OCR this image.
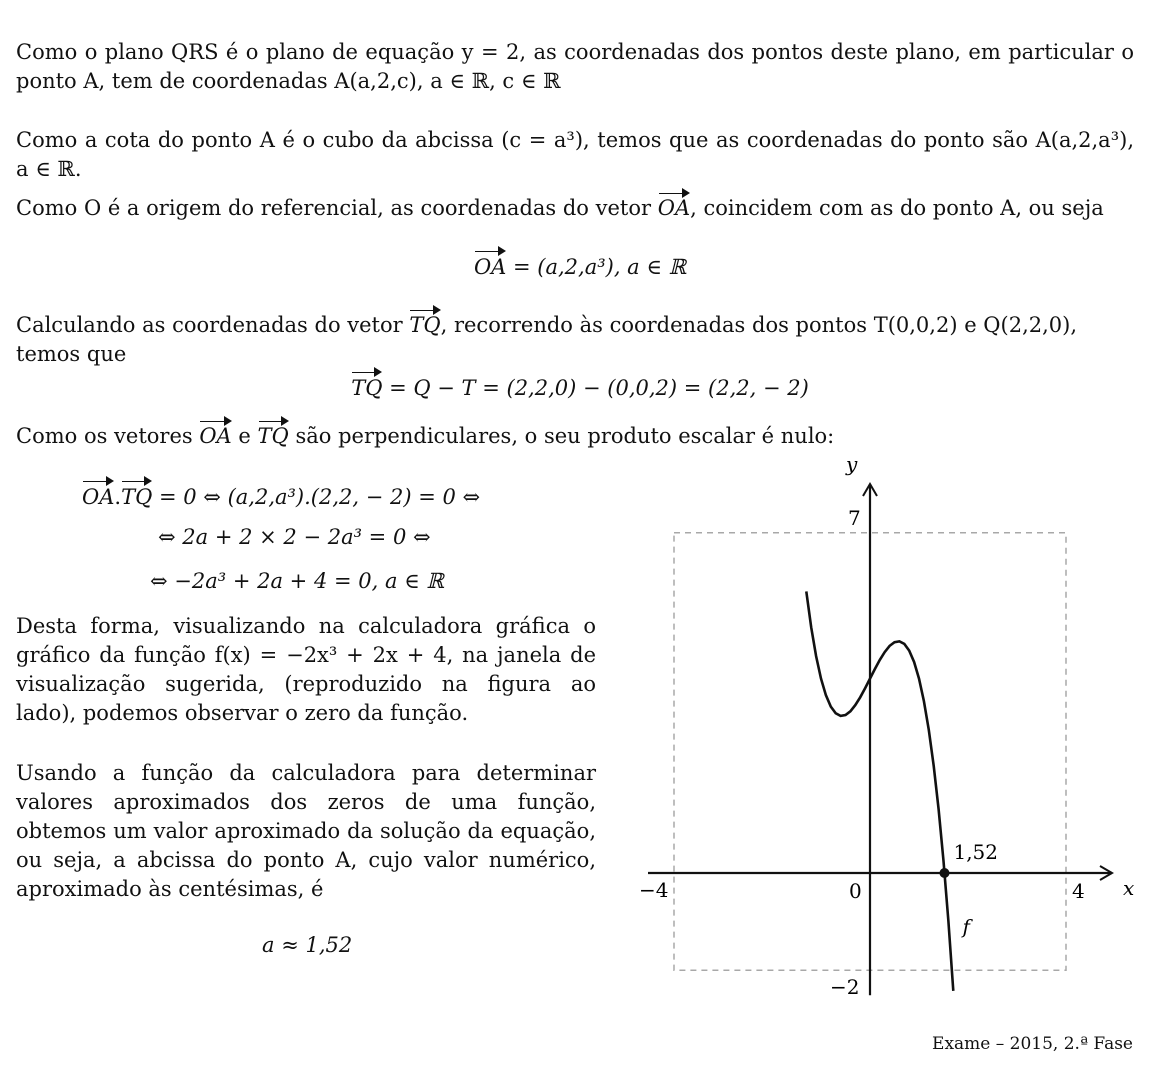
Como o plano QRS é o plano de equação y = 2, as coordenadas dos pontos deste plano, em particular o ponto A, tem de coordenadas A(a,2,c), a ∈ ℝ, c ∈ ℝ

Como a cota do ponto A é o cubo da abcissa (c = a³), temos que as coordenadas do ponto são A(a,2,a³), a ∈ ℝ.

Como O é a origem do referencial, as coordenadas do vetor OA, coincidem com as do ponto A, ou seja

OA = (a,2,a³), a ∈ ℝ

Calculando as coordenadas do vetor TQ, recorrendo às coordenadas dos pontos T(0,0,2) e Q(2,2,0), temos que

TQ = Q − T = (2,2,0) − (0,0,2) = (2,2, − 2)

Como os vetores OA e TQ são perpendiculares, o seu produto escalar é nulo:

OA.TQ = 0 ⇔ (a,2,a³).(2,2, − 2) = 0 ⇔
⇔ 2a + 2 × 2 − 2a³ = 0 ⇔
⇔ −2a³ + 2a + 4 = 0, a ∈ ℝ

Desta forma, visualizando na calculadora gráfica o gráfico da função f(x) = −2x³ + 2x + 4, na janela de visualização sugerida, (reproduzido na figura ao lado), podemos observar o zero da função.

Usando a função da calculadora para determinar valores aproximados dos zeros de uma função, obtemos um valor aproximado da solução da equação, ou seja, a abcissa do ponto A, cujo valor numérico, aproximado às centésimas, é

a ≈ 1,52
x
y
−4	0	4
7
−2
1,52
f
Exame – 2015, 2.ª Fase
